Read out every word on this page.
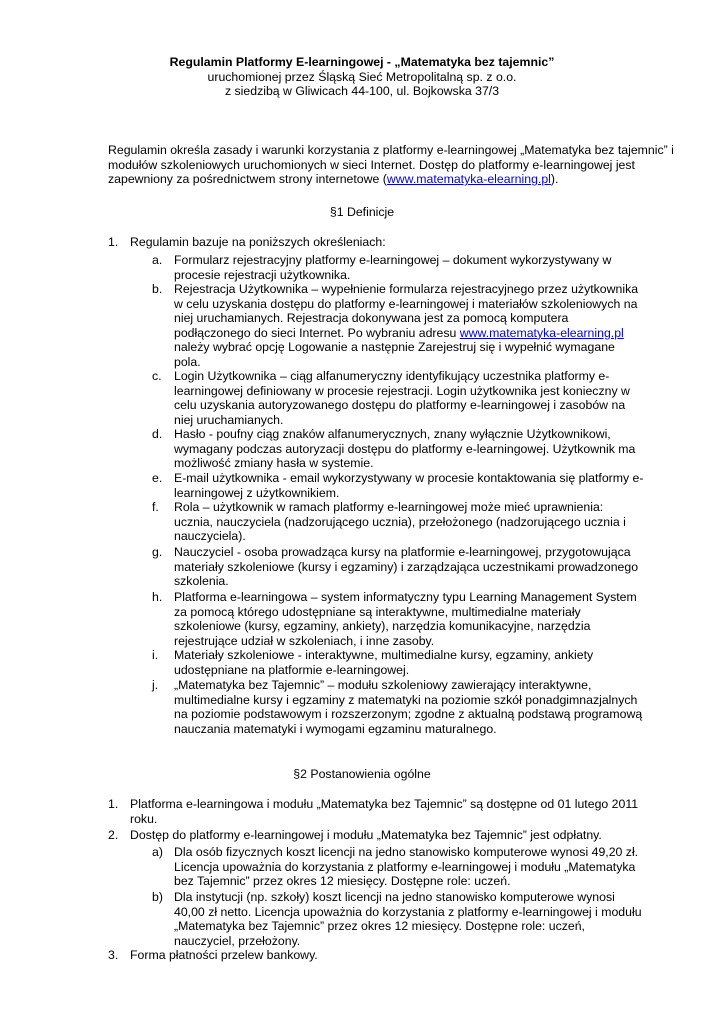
Regulamin Platformy E-learningowej - „Matematyka bez tajemnic”
uruchomionej przez Śląską Sieć Metropolitalną sp. z o.o.
z siedzibą w Gliwicach 44-100, ul. Bojkowska 37/3
Regulamin określa zasady i warunki korzystania z platformy e-learningowej „Matematyka bez tajemnic” i modułów szkoleniowych uruchomionych w sieci Internet. Dostęp do platformy e-learningowej jest zapewniony za pośrednictwem strony internetowe (www.matematyka-elearning.pl).
§1 Definicje
1. Regulamin bazuje na poniższych określeniach:
a. Formularz rejestracyjny platformy e-learningowej – dokument wykorzystywany w procesie rejestracji użytkownika.
b. Rejestracja Użytkownika – wypełnienie formularza rejestracyjnego przez użytkownika w celu uzyskania dostępu do platformy e-learningowej i materiałów szkoleniowych na niej uruchamianych. Rejestracja dokonywana jest za pomocą komputera podłączonego do sieci Internet. Po wybraniu adresu www.matematyka-elearning.pl należy wybrać opcję Logowanie a następnie Zarejestruj się i wypełnić wymagane pola.
c. Login Użytkownika – ciąg alfanumeryczny identyfikujący uczestnika platformy e-learningowej definiowany w procesie rejestracji. Login użytkownika jest konieczny w celu uzyskania autoryzowanego dostępu do platformy e-learningowej i zasobów na niej uruchamianych.
d. Hasło - poufny ciąg znaków alfanumerycznych, znany wyłącznie Użytkownikowi, wymagany podczas autoryzacji dostępu do platformy e-learningowej. Użytkownik ma możliwość zmiany hasła w systemie.
e. E-mail użytkownika - email wykorzystywany w procesie kontaktowania się platformy e-learningowej z użytkownikiem.
f. Rola – użytkownik w ramach platformy e-learningowej może mieć uprawnienia: ucznia, nauczyciela (nadzorującego ucznia), przełożonego (nadzorującego ucznia i nauczyciela).
g. Nauczyciel - osoba prowadząca kursy na platformie e-learningowej, przygotowująca materiały szkoleniowe (kursy i egzaminy) i zarządzająca uczestnikami prowadzonego szkolenia.
h. Platforma e-learningowa – system informatyczny typu Learning Management System za pomocą którego udostępniane są interaktywne, multimedialne materiały szkoleniowe (kursy, egzaminy, ankiety), narzędzia komunikacyjne, narzędzia rejestrujące udział w szkoleniach, i inne zasoby.
i. Materiały szkoleniowe - interaktywne, multimedialne kursy, egzaminy, ankiety udostępniane na platformie e-learningowej.
j. „Matematyka bez Tajemnic” – modułu szkoleniowy zawierający interaktywne, multimedialne kursy i egzaminy z matematyki na poziomie szkół ponadgimnazjalnych na poziomie podstawowym i rozszerzonym; zgodne z aktualną podstawą programową nauczania matematyki i wymogami egzaminu maturalnego.
§2 Postanowienia ogólne
1. Platforma e-learningowa i modułu „Matematyka bez Tajemnic” są dostępne od 01 lutego 2011 roku.
2. Dostęp do platformy e-learningowej i modułu „Matematyka bez Tajemnic” jest odpłatny.
a) Dla osób fizycznych koszt licencji na jedno stanowisko komputerowe wynosi 49,20 zł. Licencja upoważnia do korzystania z platformy e-learningowej i modułu „Matematyka bez Tajemnic” przez okres 12 miesięcy. Dostępne role: uczeń.
b) Dla instytucji (np. szkoły) koszt licencji na jedno stanowisko komputerowe wynosi 40,00 zł netto. Licencja upoważnia do korzystania z platformy e-learningowej i modułu „Matematyka bez Tajemnic” przez okres 12 miesięcy. Dostępne role: uczeń, nauczyciel, przełożony.
3. Forma płatności przelew bankowy.
